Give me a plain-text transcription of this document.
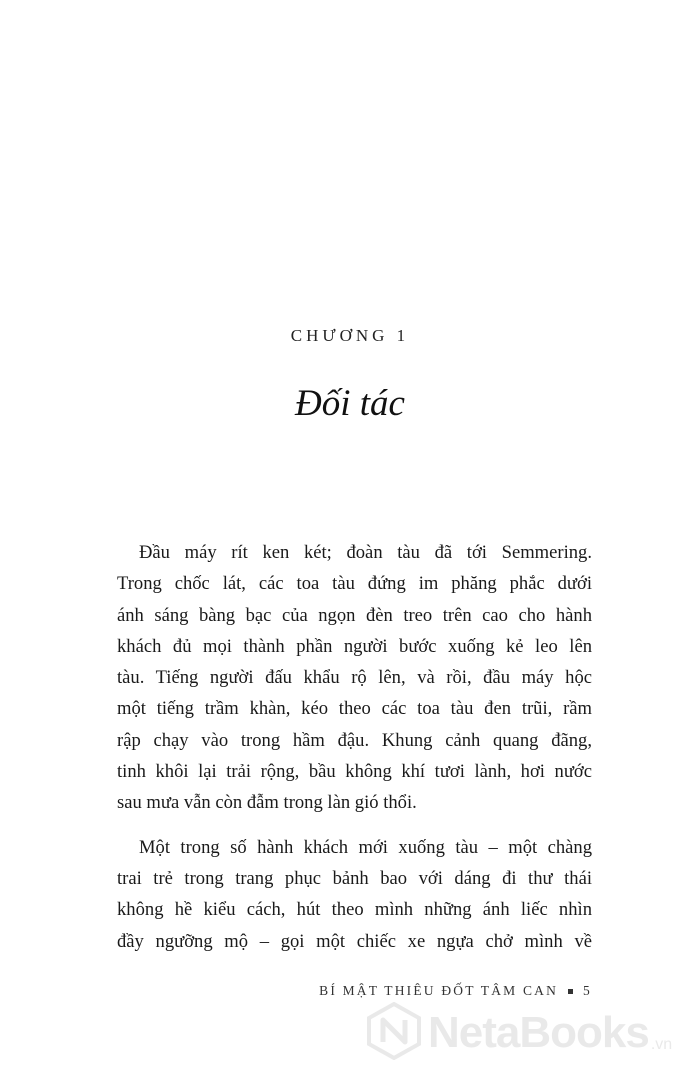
CHƯƠNG 1
Đối tác

Đầu máy rít ken két; đoàn tàu đã tới Semmering.
Trong chốc lát, các toa tàu đứng im phăng phắc dưới
ánh sáng bàng bạc của ngọn đèn treo trên cao cho hành
khách đủ mọi thành phần người bước xuống kẻ leo lên
tàu. Tiếng người đấu khẩu rộ lên, và rồi, đầu máy hộc
một tiếng trầm khàn, kéo theo các toa tàu đen trũi, rầm
rập chạy vào trong hầm đậu. Khung cảnh quang đãng,
tinh khôi lại trải rộng, bầu không khí tươi lành, hơi nước
sau mưa vẫn còn đẫm trong làn gió thổi.

Một trong số hành khách mới xuống tàu – một chàng
trai trẻ trong trang phục bảnh bao với dáng đi thư thái
không hề kiểu cách, hút theo mình những ánh liếc nhìn
đầy ngưỡng mộ – gọi một chiếc xe ngựa chở mình về

BÍ MẬT THIÊU ĐỐT TÂM CAN 5
NetaBooks .vn
